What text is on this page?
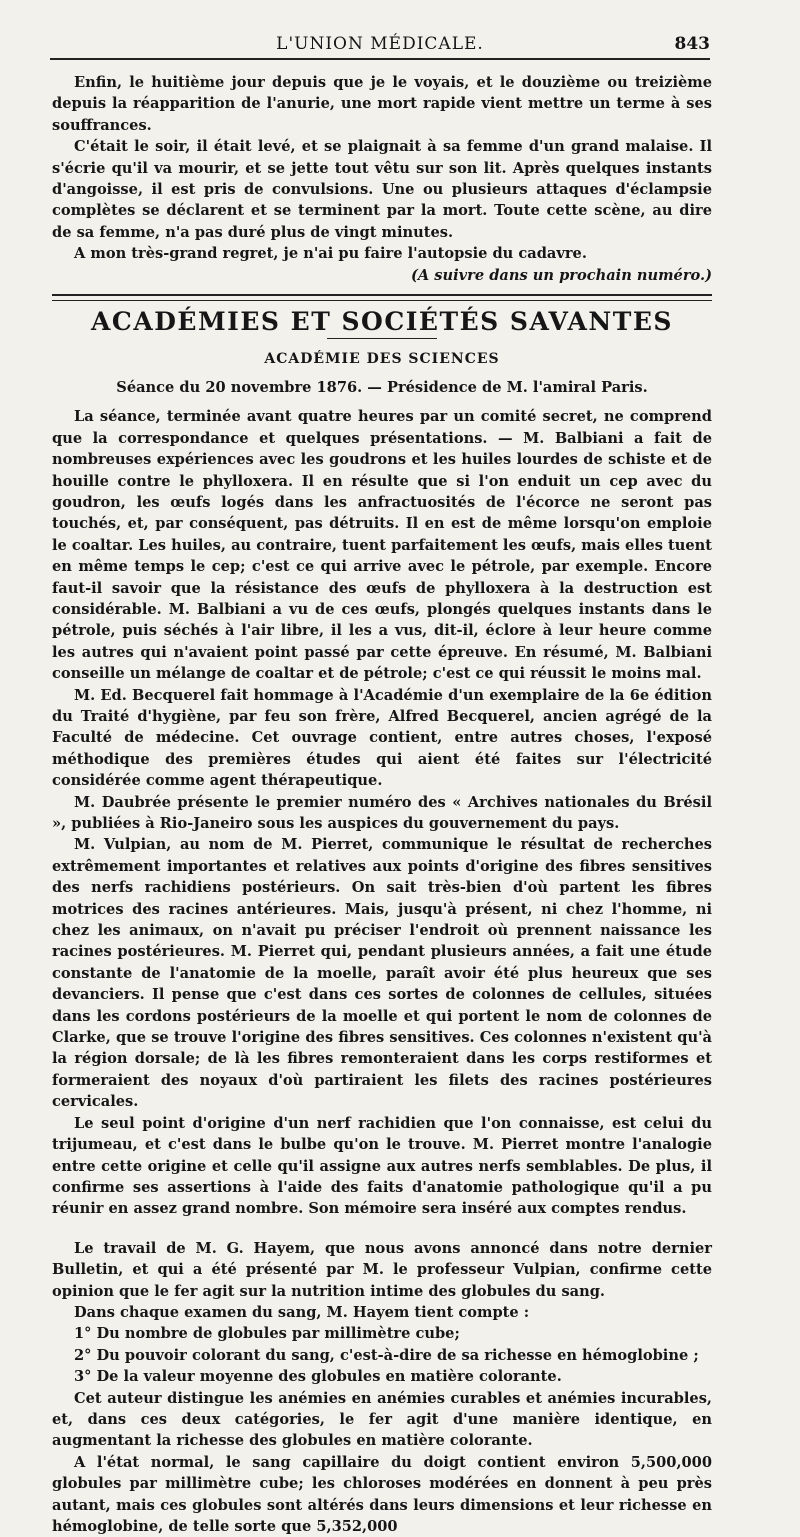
L'UNION MÉDICALE.	843

Enfin, le huitième jour depuis que je le voyais, et le douzième ou treizième depuis la réapparition de l'anurie, une mort rapide vient mettre un terme à ses souffrances.

C'était le soir, il était levé, et se plaignait à sa femme d'un grand malaise. Il s'écrie qu'il va mourir, et se jette tout vêtu sur son lit. Après quelques instants d'angoisse, il est pris de convulsions. Une ou plusieurs attaques d'éclampsie complètes se déclarent et se terminent par la mort. Toute cette scène, au dire de sa femme, n'a pas duré plus de vingt minutes.

A mon très-grand regret, je n'ai pu faire l'autopsie du cadavre.

(A suivre dans un prochain numéro.)

ACADÉMIES ET SOCIÉTÉS SAVANTES
ACADÉMIE DES SCIENCES
Séance du 20 novembre 1876. — Présidence de M. l'amiral Paris.

La séance, terminée avant quatre heures par un comité secret, ne comprend que la correspondance et quelques présentations. — M. Balbiani a fait de nombreuses expériences avec les goudrons et les huiles lourdes de schiste et de houille contre le phylloxera. Il en résulte que si l'on enduit un cep avec du goudron, les œufs logés dans les anfractuosités de l'écorce ne seront pas touchés, et, par conséquent, pas détruits. Il en est de même lorsqu'on emploie le coaltar. Les huiles, au contraire, tuent parfaitement les œufs, mais elles tuent en même temps le cep; c'est ce qui arrive avec le pétrole, par exemple. Encore faut-il savoir que la résistance des œufs de phylloxera à la destruction est considérable. M. Balbiani a vu de ces œufs, plongés quelques instants dans le pétrole, puis séchés à l'air libre, il les a vus, dit-il, éclore à leur heure comme les autres qui n'avaient point passé par cette épreuve. En résumé, M. Balbiani conseille un mélange de coaltar et de pétrole; c'est ce qui réussit le moins mal.

M. Ed. Becquerel fait hommage à l'Académie d'un exemplaire de la 6e édition du Traité d'hygiène, par feu son frère, Alfred Becquerel, ancien agrégé de la Faculté de médecine. Cet ouvrage contient, entre autres choses, l'exposé méthodique des premières études qui aient été faites sur l'électricité considérée comme agent thérapeutique.

M. Daubrée présente le premier numéro des « Archives nationales du Brésil », publiées à Rio-Janeiro sous les auspices du gouvernement du pays.

M. Vulpian, au nom de M. Pierret, communique le résultat de recherches extrêmement importantes et relatives aux points d'origine des fibres sensitives des nerfs rachidiens postérieurs. On sait très-bien d'où partent les fibres motrices des racines antérieures. Mais, jusqu'à présent, ni chez l'homme, ni chez les animaux, on n'avait pu préciser l'endroit où prennent naissance les racines postérieures. M. Pierret qui, pendant plusieurs années, a fait une étude constante de l'anatomie de la moelle, paraît avoir été plus heureux que ses devanciers. Il pense que c'est dans ces sortes de colonnes de cellules, situées dans les cordons postérieurs de la moelle et qui portent le nom de colonnes de Clarke, que se trouve l'origine des fibres sensitives. Ces colonnes n'existent qu'à la région dorsale; de là les fibres remonteraient dans les corps restiformes et formeraient des noyaux d'où partiraient les filets des racines postérieures cervicales.

Le seul point d'origine d'un nerf rachidien que l'on connaisse, est celui du trijumeau, et c'est dans le bulbe qu'on le trouve. M. Pierret montre l'analogie entre cette origine et celle qu'il assigne aux autres nerfs semblables. De plus, il confirme ses assertions à l'aide des faits d'anatomie pathologique qu'il a pu réunir en assez grand nombre. Son mémoire sera inséré aux comptes rendus.

Le travail de M. G. Hayem, que nous avons annoncé dans notre dernier Bulletin, et qui a été présenté par M. le professeur Vulpian, confirme cette opinion que le fer agit sur la nutrition intime des globules du sang.

Dans chaque examen du sang, M. Hayem tient compte :

1° Du nombre de globules par millimètre cube;

2° Du pouvoir colorant du sang, c'est-à-dire de sa richesse en hémoglobine ;

3° De la valeur moyenne des globules en matière colorante.

Cet auteur distingue les anémies en anémies curables et anémies incurables, et, dans ces deux catégories, le fer agit d'une manière identique, en augmentant la richesse des globules en matière colorante.

A l'état normal, le sang capillaire du doigt contient environ 5,500,000 globules par millimètre cube; les chloroses modérées en donnent à peu près autant, mais ces globules sont altérés dans leurs dimensions et leur richesse en hémoglobine, de telle sorte que 5,352,000
